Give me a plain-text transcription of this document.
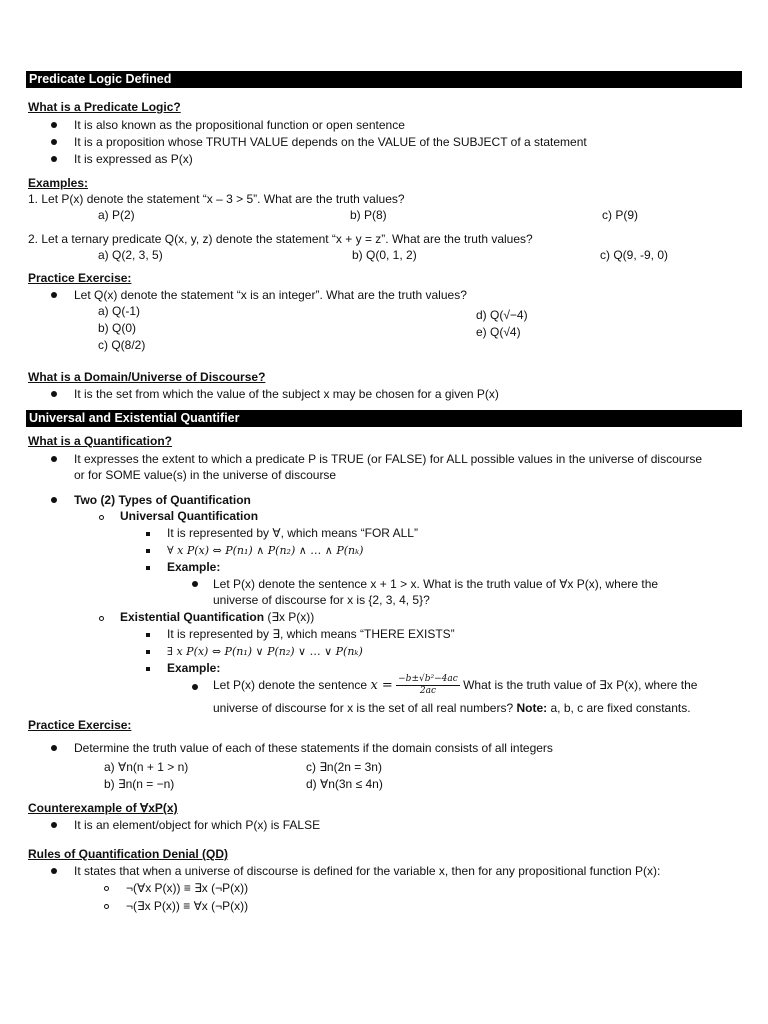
Predicate Logic Defined
What is a Predicate Logic?
It is also known as the propositional function or open sentence
It is a proposition whose TRUTH VALUE depends on the VALUE of the SUBJECT of a statement
It is expressed as P(x)
Examples:
1. Let P(x) denote the statement “x – 3 > 5”. What are the truth values?
a) P(2)	b) P(8)	c) P(9)
2. Let a ternary predicate Q(x, y, z) denote the statement “x + y = z”. What are the truth values?
a) Q(2, 3, 5)	b) Q(0, 1, 2)	c) Q(9, -9, 0)
Practice Exercise:
Let Q(x) denote the statement “x is an integer”. What are the truth values?
a) Q(-1)
b) Q(0)
c) Q(8/2)
d) Q(√−4)
e) Q(√4)
What is a Domain/Universe of Discourse?
It is the set from which the value of the subject x may be chosen for a given P(x)
Universal and Existential Quantifier
What is a Quantification?
It expresses the extent to which a predicate P is TRUE (or FALSE) for ALL possible values in the universe of discourse
or for SOME value(s) in the universe of discourse
Two (2) Types of Quantification
Universal Quantification
It is represented by ∀, which means “FOR ALL”
∀ x P(x) ⇔ P(n₁) ∧ P(n₂) ∧ … ∧ P(nₖ)
Example:
Let P(x) denote the sentence x + 1 > x. What is the truth value of ∀x P(x), where the
universe of discourse for x is {2, 3, 4, 5}?
Existential Quantification (∃x P(x))
It is represented by ∃, which means “THERE EXISTS”
∃ x P(x) ⇔ P(n₁) ∨ P(n₂) ∨ … ∨ P(nₖ)
Example:
Let P(x) denote the sentence $x = \frac{\text{−b±√b²−4ac}}{2ac}$ What is the truth value of ∃x P(x), where the
universe of discourse for x is the set of all real numbers? Note: a, b, c are fixed constants.
Practice Exercise:
Determine the truth value of each of these statements if the domain consists of all integers
a) ∀n(n + 1 > n)
b) ∃n(n = −n)
c) ∃n(2n = 3n)
d) ∀n(3n ≤ 4n)
Counterexample of ∀xP(x)
It is an element/object for which P(x) is FALSE
Rules of Quantification Denial (QD)
It states that when a universe of discourse is defined for the variable x, then for any propositional function P(x):
¬(∀x P(x)) ≡ ∃x (¬P(x))
¬(∃x P(x)) ≡ ∀x (¬P(x))
